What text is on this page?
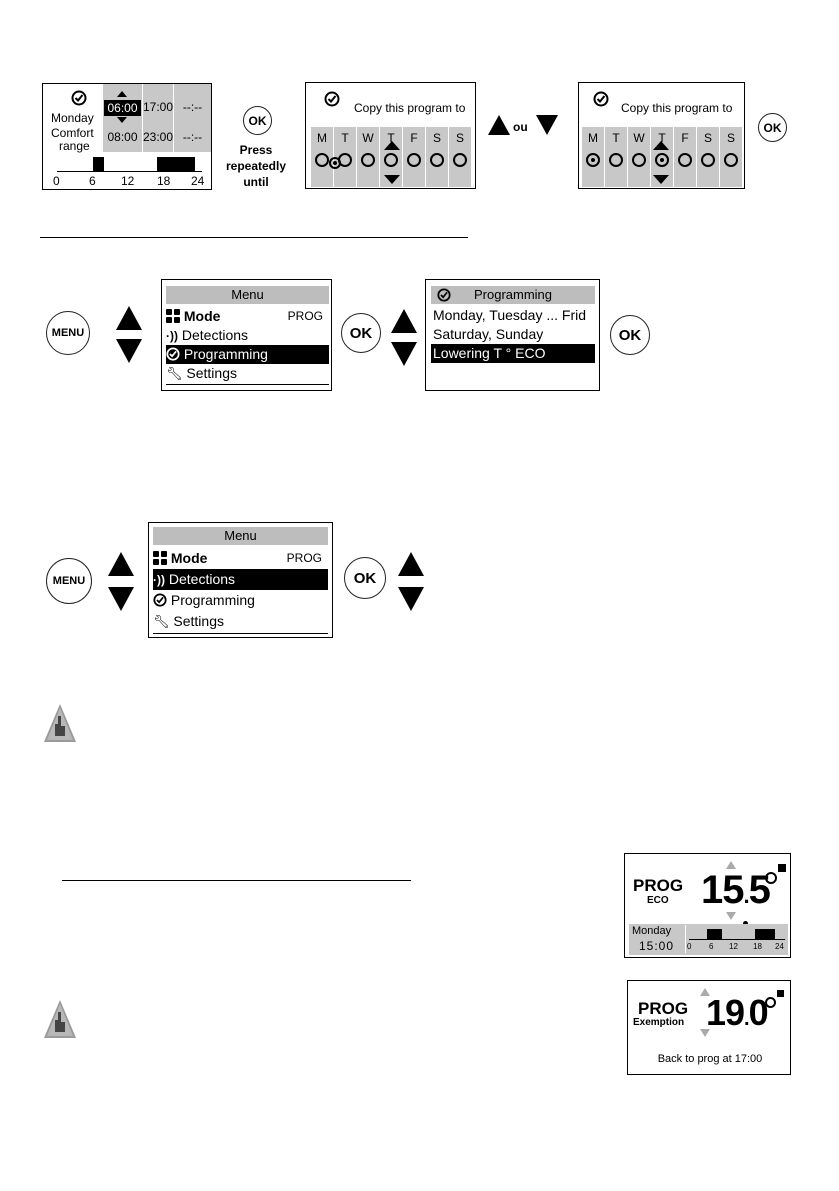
Monday
Comfort
range
06:00 17:00 --:--
08:00 23:00 --:--
0 6 12 18 24
OK
Press
repeatedly
until
Copy this program to
M	T	W	T	F	S	S
ou
Copy this program to
M	T	W	T	F	S	S
OK
MENU
Menu
Mode	PROG
·)) Detections
Programming
🔧︎ Settings
OK
Programming
Monday, Tuesday ... Frid
Saturday, Sunday
Lowering T ° ECO
OK
MENU
Menu
Mode	PROG
·)) Detections
Programming
🔧︎ Settings
OK
PROG
ECO 15.5
Monday
15:00 0 6 12 18 24
PROG
Exemption 19.0
Back to prog at 17:00
